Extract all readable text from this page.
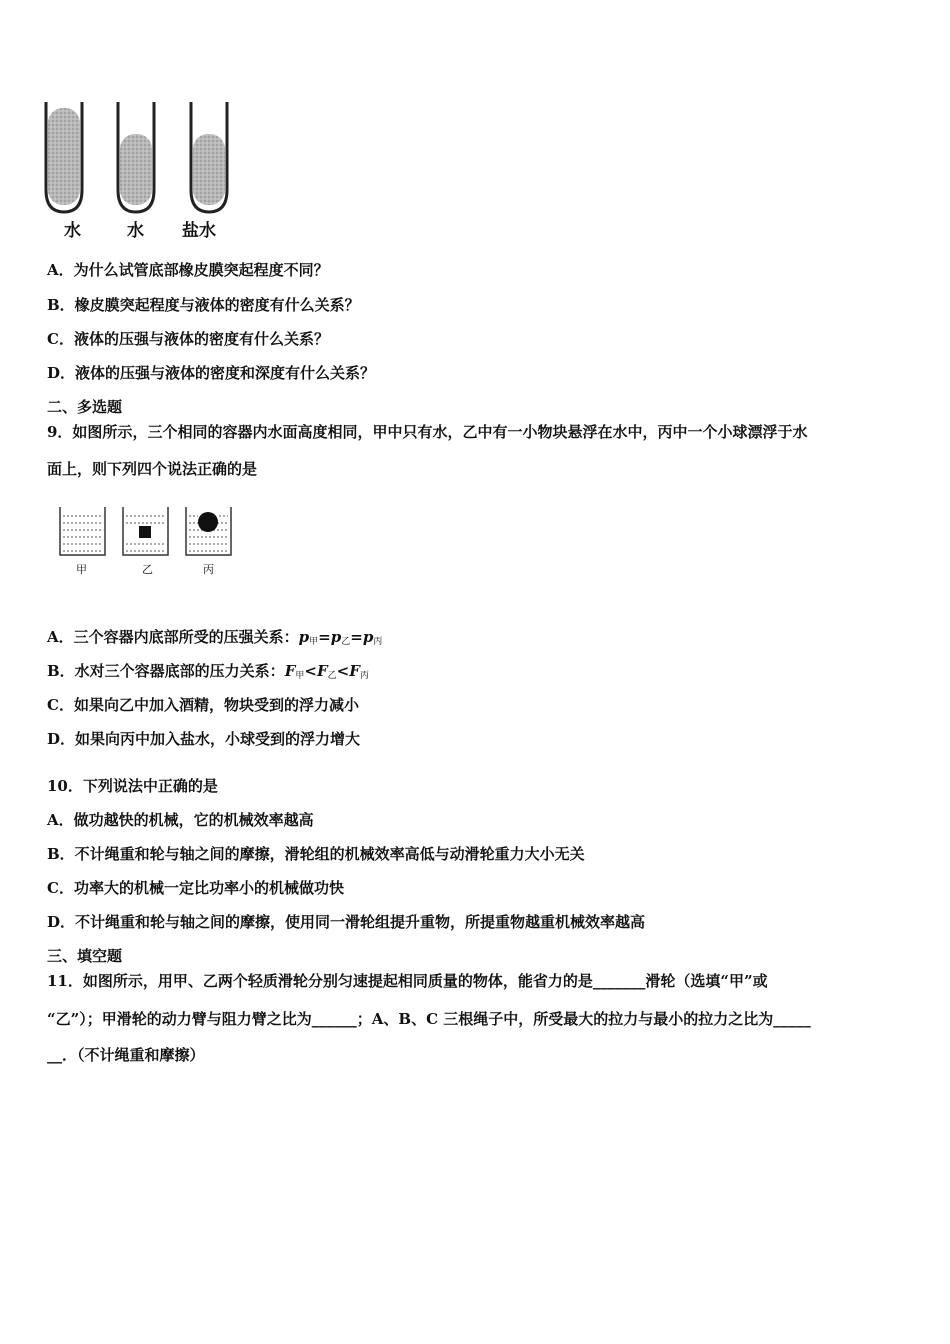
水	水 盐水
A．为什么试管底部橡皮膜突起程度不同？
B．橡皮膜突起程度与液体的密度有什么关系？
C．液体的压强与液体的密度有什么关系？
D．液体的压强与液体的密度和深度有什么关系？
二、多选题
9．如图所示，三个相同的容器内水面高度相同，甲中只有水，乙中有一小物块悬浮在水中，丙中一个小球漂浮于水
面上，则下列四个说法正确的是
甲	乙	丙
A．三个容器内底部所受的压强关系：$p_甲=p_乙=p_丙$
B．水对三个容器底部的压力关系：$F_甲<F_乙<F_丙$
C．如果向乙中加入酒精，物块受到的浮力减小
D．如果向丙中加入盐水，小球受到的浮力增大
10．下列说法中正确的是
A．做功越快的机械，它的机械效率越高
B．不计绳重和轮与轴之间的摩擦，滑轮组的机械效率高低与动滑轮重力大小无关
C．功率大的机械一定比功率小的机械做功快
D．不计绳重和轮与轴之间的摩擦，使用同一滑轮组提升重物，所提重物越重机械效率越高
三、填空题
11．如图所示，用甲、乙两个轻质滑轮分别匀速提起相同质量的物体，能省力的是_______滑轮（选填“甲”或
“乙”）；甲滑轮的动力臂与阻力臂之比为______；A、B、C 三根绳子中，所受最大的拉力与最小的拉力之比为_____
__．（不计绳重和摩擦）
